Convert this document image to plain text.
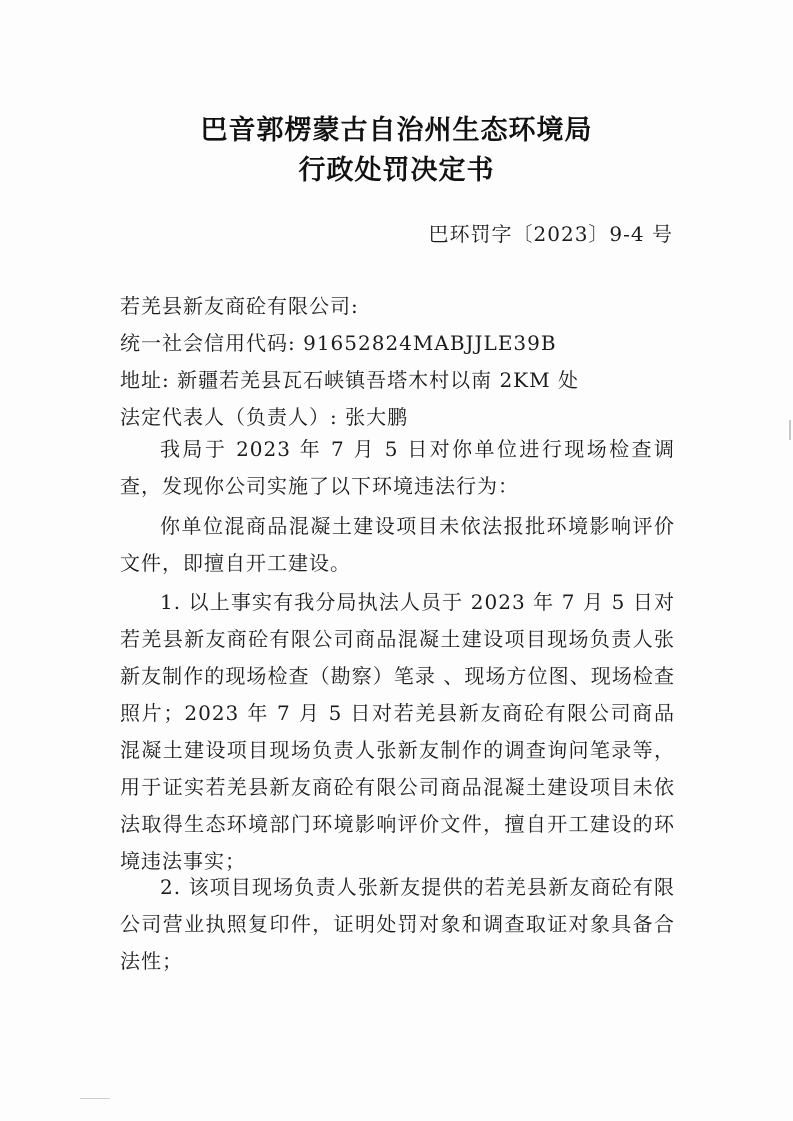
巴音郭楞蒙古自治州生态环境局
行政处罚决定书
巴环罚字〔2023〕9-4 号
若羌县新友商砼有限公司:
统一社会信用代码: 91652824MABJJLE39B
地址: 新疆若羌县瓦石峡镇吾塔木村以南 2KM 处
法定代表人（负责人）: 张大鹏
我局于 2023 年 7 月 5 日对你单位进行现场检查调查，发现你公司实施了以下环境违法行为：
你单位混商品混凝土建设项目未依法报批环境影响评价文件，即擅自开工建设。
1. 以上事实有我分局执法人员于 2023 年 7 月 5 日对若羌县新友商砼有限公司商品混凝土建设项目现场负责人张新友制作的现场检查（勘察）笔录 、现场方位图、现场检查照片；2023 年 7 月 5 日对若羌县新友商砼有限公司商品混凝土建设项目现场负责人张新友制作的调查询问笔录等，用于证实若羌县新友商砼有限公司商品混凝土建设项目未依法取得生态环境部门环境影响评价文件，擅自开工建设的环境违法事实；
2. 该项目现场负责人张新友提供的若羌县新友商砼有限公司营业执照复印件，证明处罚对象和调查取证对象具备合法性；
